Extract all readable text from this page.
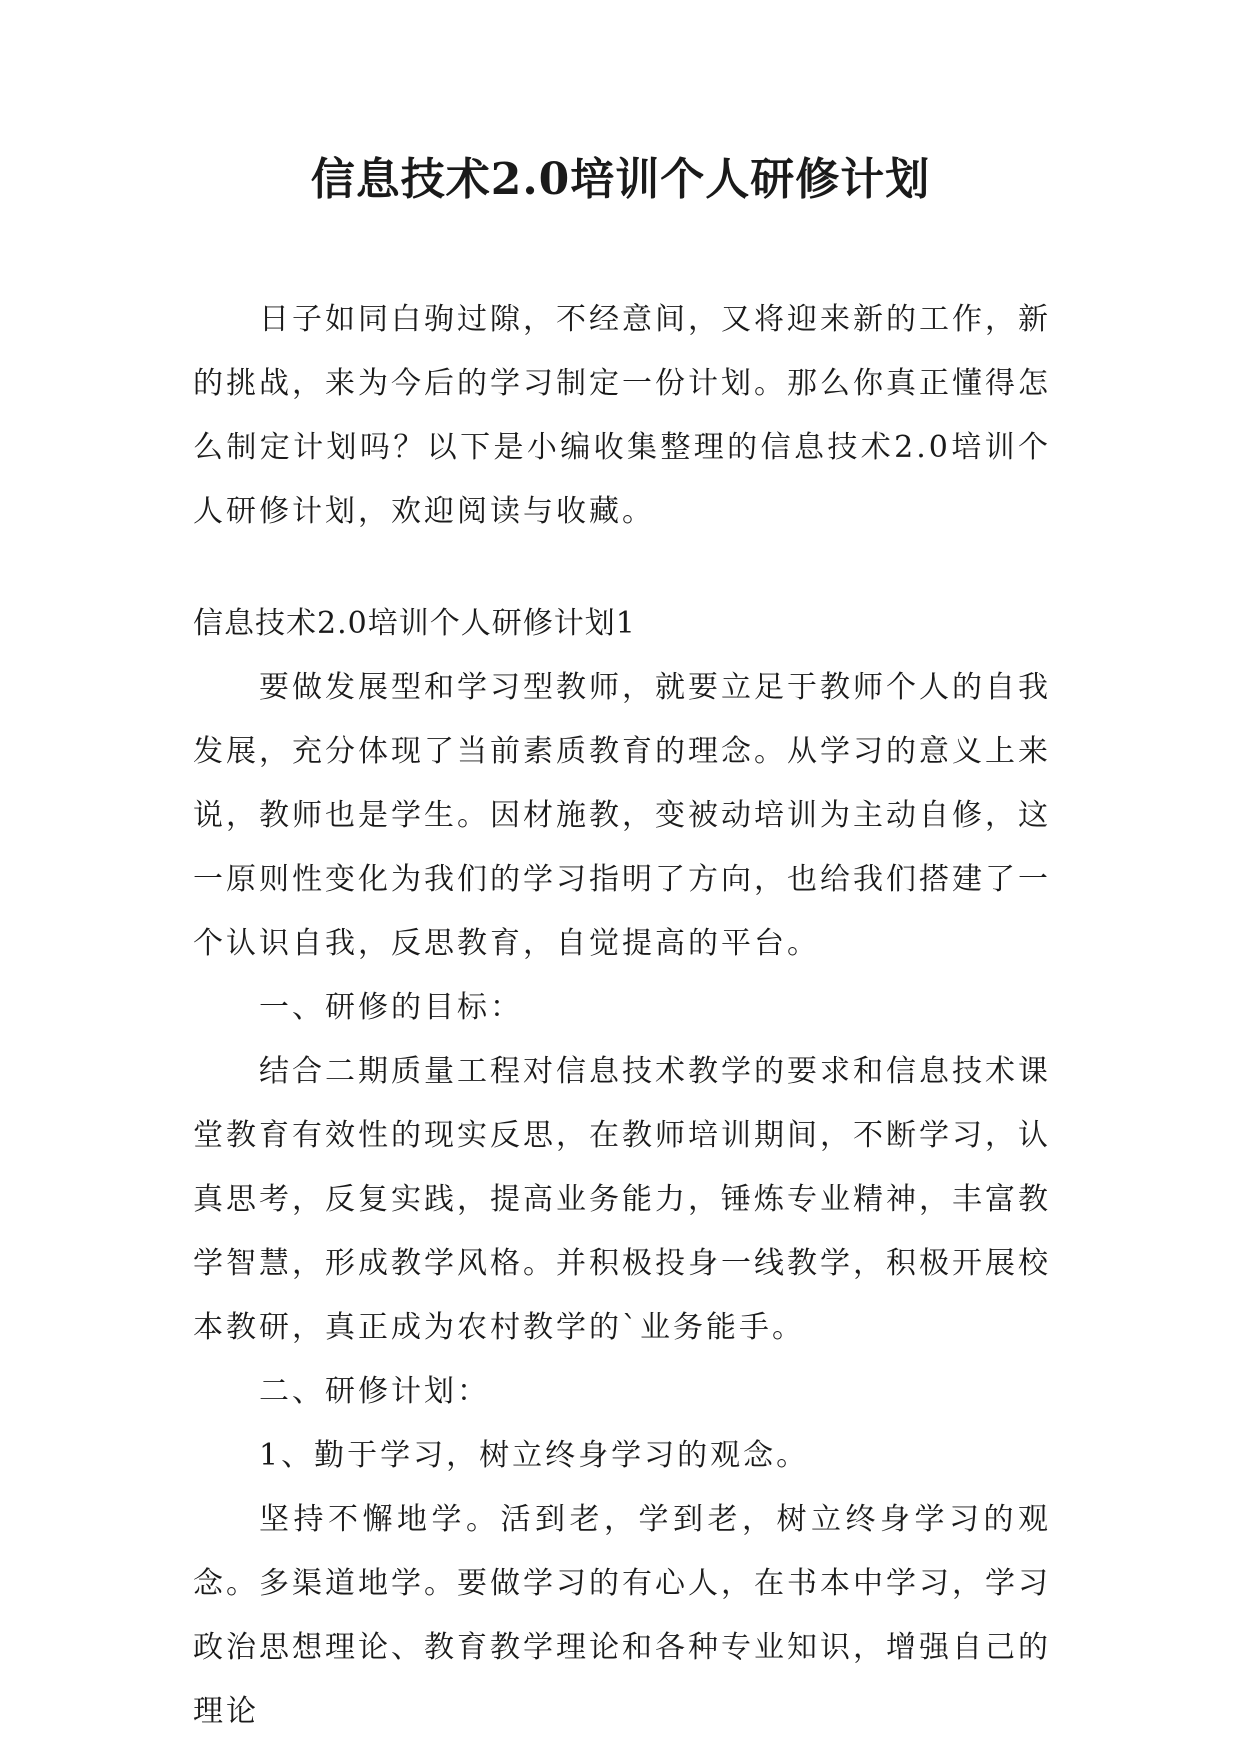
信息技术2.0培训个人研修计划

日子如同白驹过隙，不经意间，又将迎来新的工作，新的挑战，来为今后的学习制定一份计划。那么你真正懂得怎么制定计划吗？以下是小编收集整理的信息技术2.0培训个人研修计划，欢迎阅读与收藏。

信息技术2.0培训个人研修计划1

要做发展型和学习型教师，就要立足于教师个人的自我发展，充分体现了当前素质教育的理念。从学习的意义上来说，教师也是学生。因材施教，变被动培训为主动自修，这一原则性变化为我们的学习指明了方向，也给我们搭建了一个认识自我，反思教育，自觉提高的平台。

一、研修的目标：

结合二期质量工程对信息技术教学的要求和信息技术课堂教育有效性的现实反思，在教师培训期间，不断学习，认真思考，反复实践，提高业务能力，锤炼专业精神，丰富教学智慧，形成教学风格。并积极投身一线教学，积极开展校本教研，真正成为农村教学的`业务能手。

二、研修计划：

1、勤于学习，树立终身学习的观念。

坚持不懈地学。活到老，学到老，树立终身学习的观念。多渠道地学。要做学习的有心人，在书本中学习，学习政治思想理论、教育教学理论和各种专业知识，增强自己的理论
